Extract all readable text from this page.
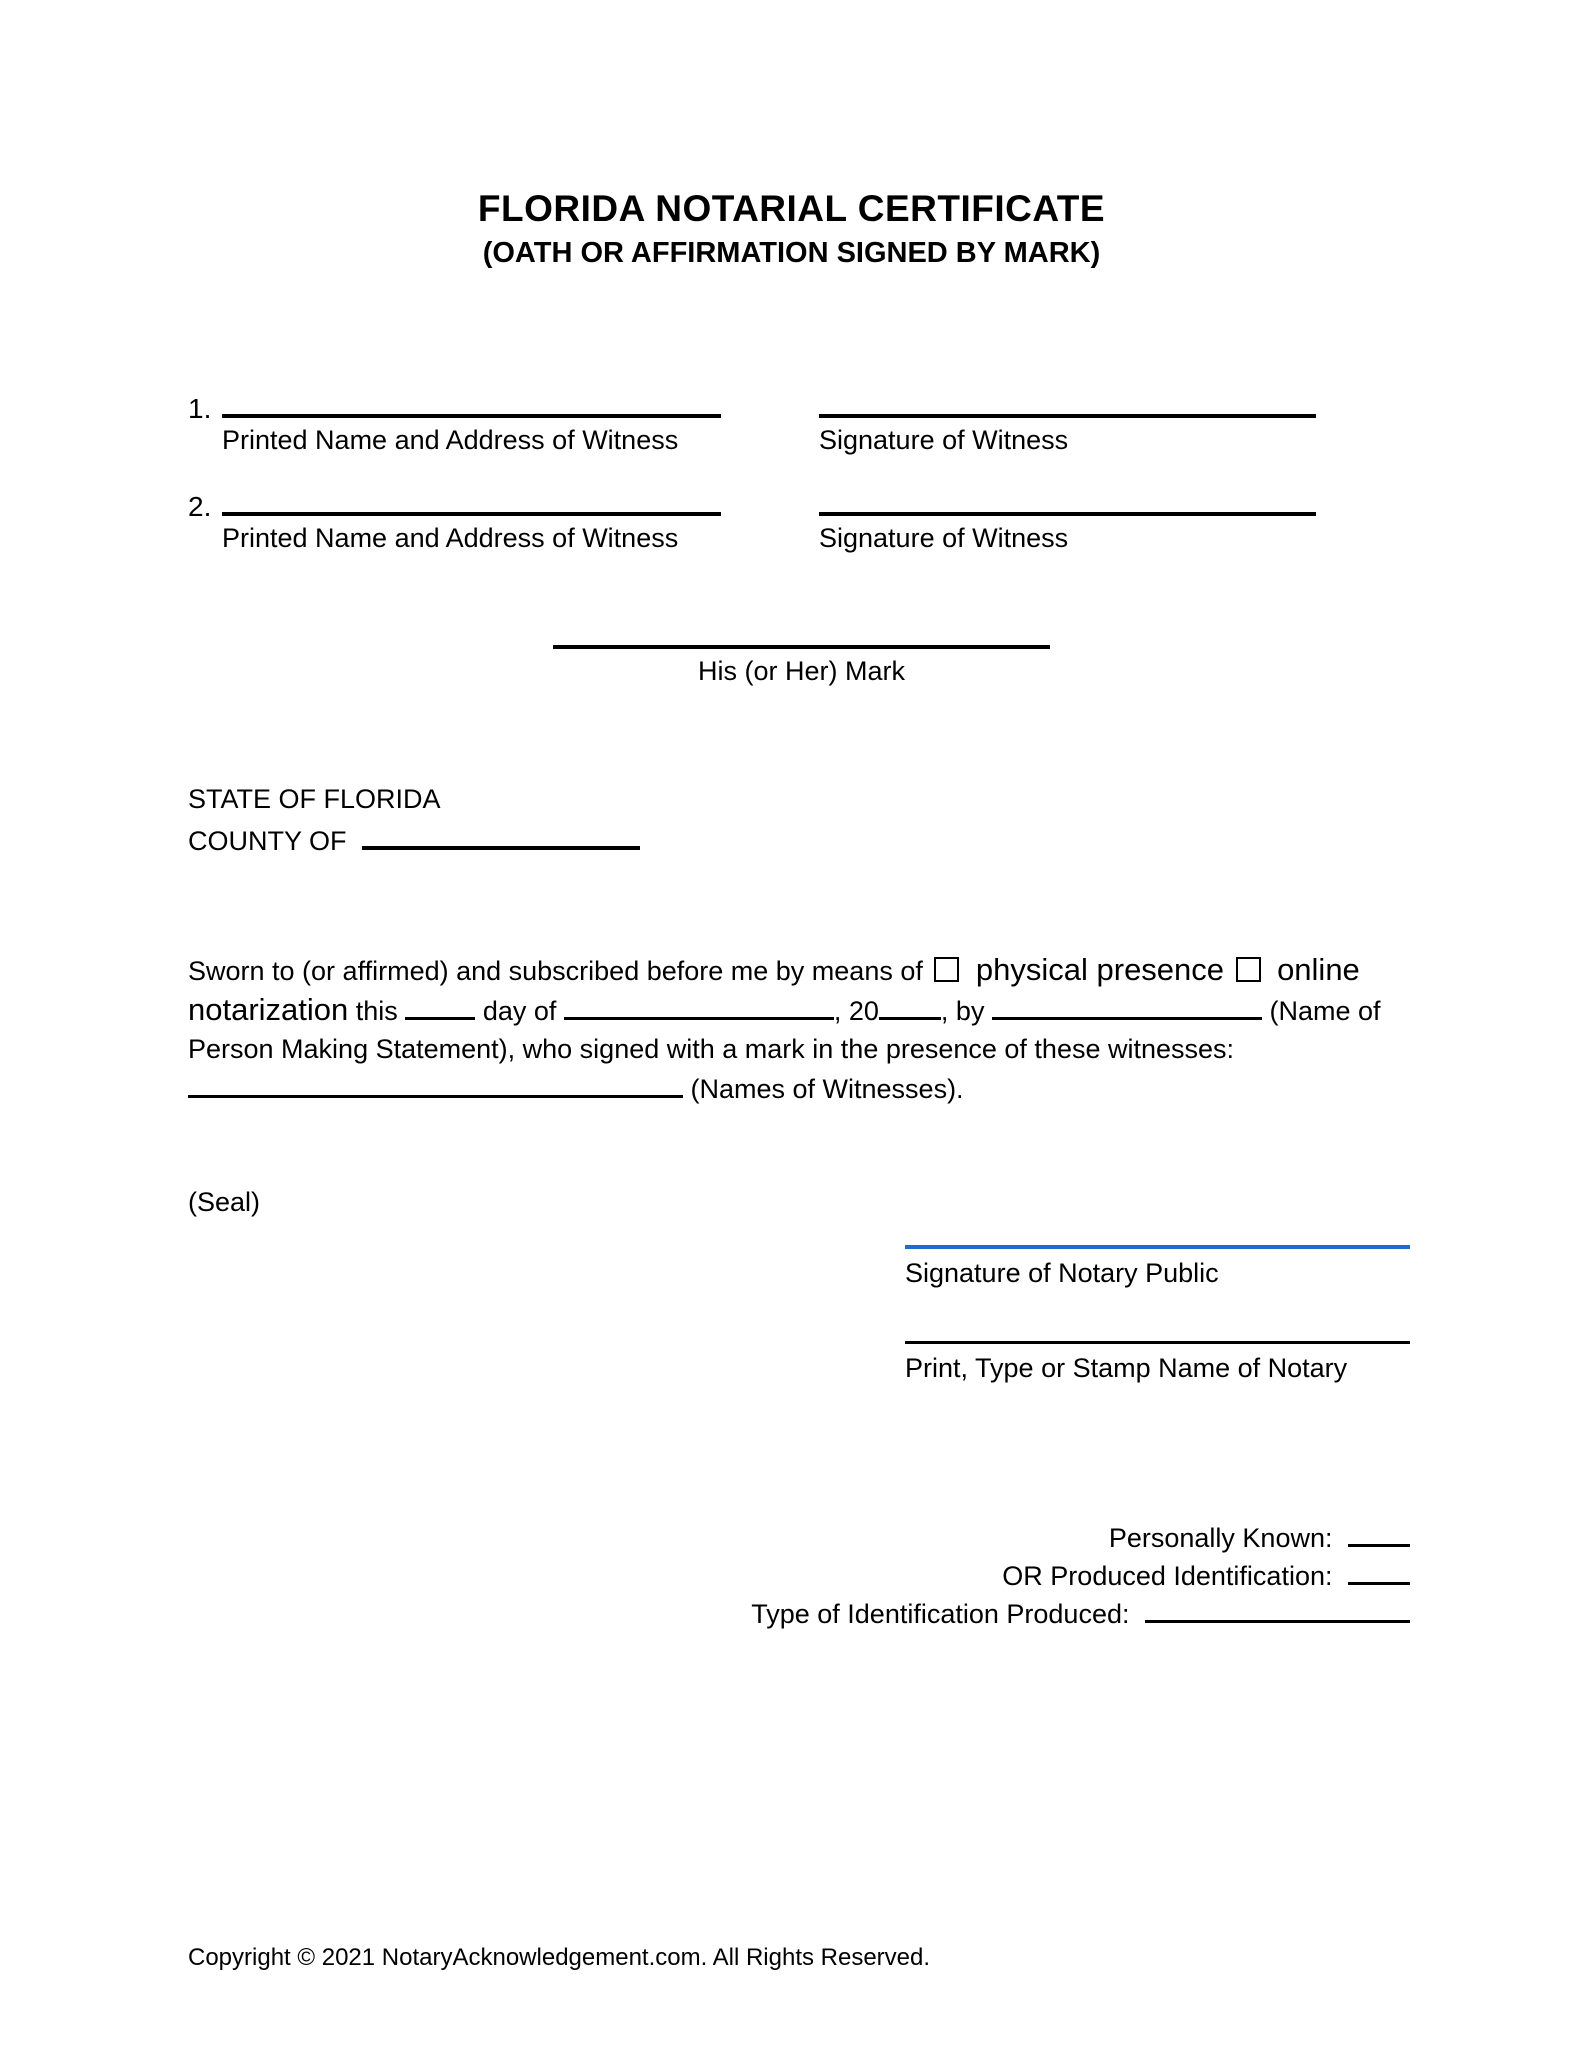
FLORIDA NOTARIAL CERTIFICATE
(OATH OR AFFIRMATION SIGNED BY MARK)
1.
Printed Name and Address of Witness	Signature of Witness
2.
Printed Name and Address of Witness	Signature of Witness
His (or Her) Mark
STATE OF FLORIDA
COUNTY OF
Sworn to (or affirmed) and subscribed before me by means of physical presence online
notarization this	day of	, 20 , by	(Name of
Person Making Statement), who signed with a mark in the presence of these witnesses:
(Names of Witnesses).
(Seal)
Signature of Notary Public
Print, Type or Stamp Name of Notary
Personally Known:
OR Produced Identification:
Type of Identification Produced:
Copyright © 2021 NotaryAcknowledgement.com. All Rights Reserved.
